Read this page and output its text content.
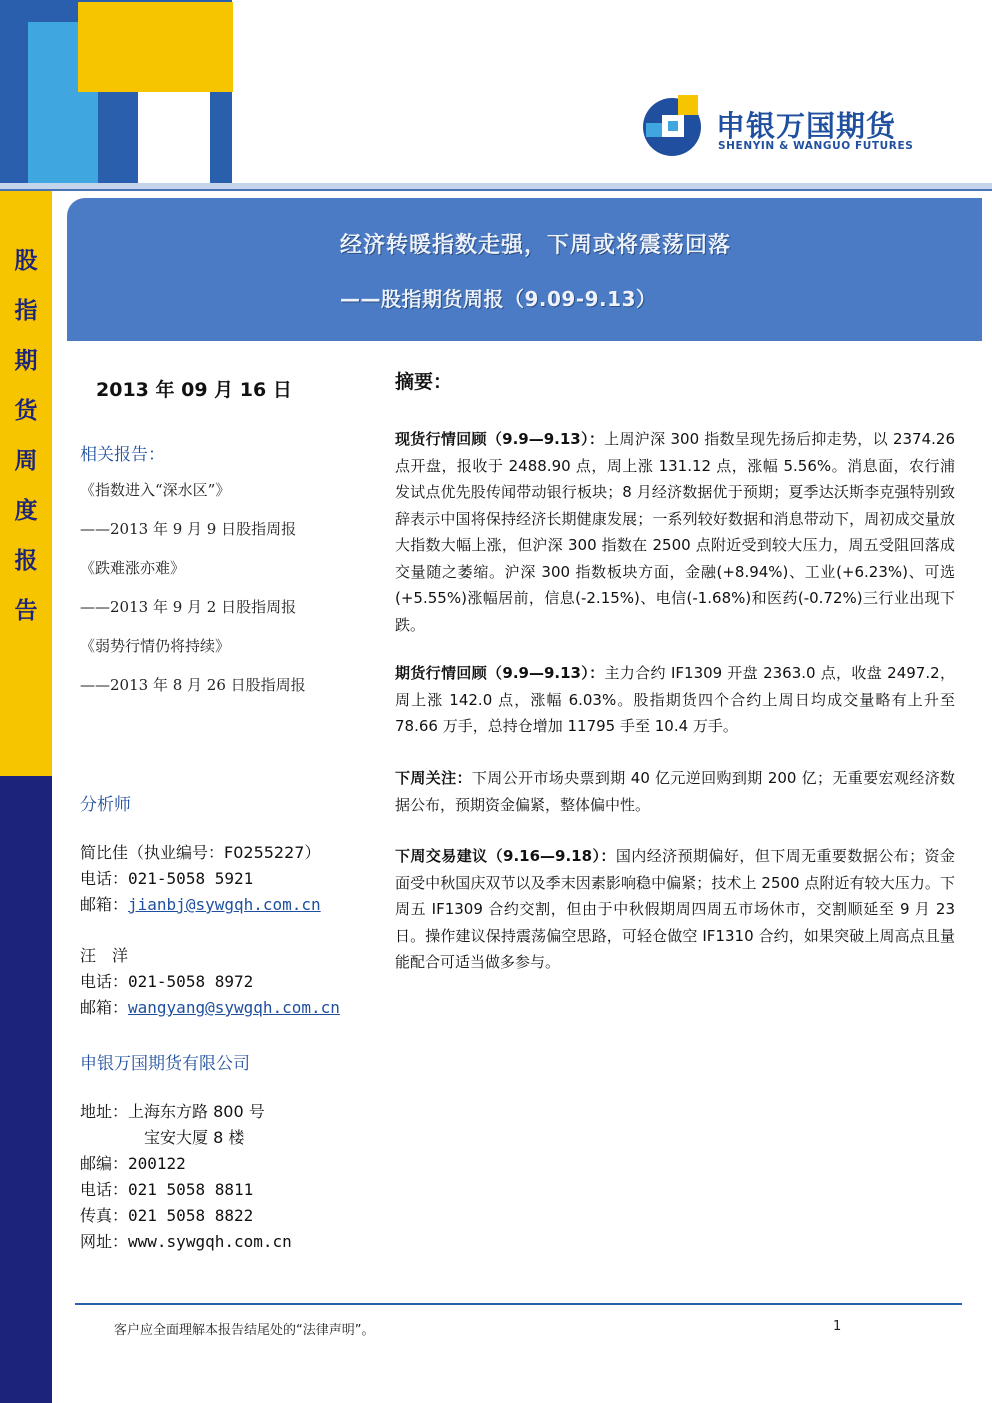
股
指
期
货
周
度
报
告
申银万国期货
SHENYIN & WANGUO FUTURES
经济转暖指数走强，下周或将震荡回落
——股指期货周报（9.09-9.13）
2013 年 09 月 16 日
相关报告：
《指数进入“深水区”》
——2013 年 9 月 9 日股指周报
《跌难涨亦难》
——2013 年 9 月 2 日股指周报
《弱势行情仍将持续》
——2013 年 8 月 26 日股指周报
分析师
简比佳（执业编号：F0255227）
电话：021-5058 5921
邮箱：jianbj@sywgqh.com.cn
汪　洋
电话：021-5058 8972
邮箱：wangyang@sywgqh.com.cn
申银万国期货有限公司
地址：上海东方路 800 号
宝安大厦 8 楼
邮编：200122
电话：021 5058 8811
传真：021 5058 8822
网址：www.sywgqh.com.cn
摘要：
现货行情回顾（9.9—9.13）：上周沪深 300 指数呈现先扬后抑走势，以 2374.26 点开盘，报收于 2488.90 点，周上涨 131.12 点，涨幅 5.56%。消息面，农行浦发试点优先股传闻带动银行板块；8 月经济数据优于预期；夏季达沃斯李克强特别致辞表示中国将保持经济长期健康发展；一系列较好数据和消息带动下，周初成交量放大指数大幅上涨，但沪深 300 指数在 2500 点附近受到较大压力，周五受阻回落成交量随之萎缩。沪深 300 指数板块方面，金融(+8.94%)、工业(+6.23%)、可选(+5.55%)涨幅居前，信息(-2.15%)、电信(-1.68%)和医药(-0.72%)三行业出现下跌。
期货行情回顾（9.9—9.13）：主力合约 IF1309 开盘 2363.0 点，收盘 2497.2，周上涨 142.0 点，涨幅 6.03%。股指期货四个合约上周日均成交量略有上升至 78.66 万手，总持仓增加 11795 手至 10.4 万手。
下周关注：下周公开市场央票到期 40 亿元逆回购到期 200 亿；无重要宏观经济数据公布，预期资金偏紧，整体偏中性。
下周交易建议（9.16—9.18）：国内经济预期偏好，但下周无重要数据公布；资金面受中秋国庆双节以及季末因素影响稳中偏紧；技术上 2500 点附近有较大压力。下周五 IF1309 合约交割，但由于中秋假期周四周五市场休市，交割顺延至 9 月 23 日。操作建议保持震荡偏空思路，可轻仓做空 IF1310 合约，如果突破上周高点且量能配合可适当做多参与。
客户应全面理解本报告结尾处的“法律声明”。	1
